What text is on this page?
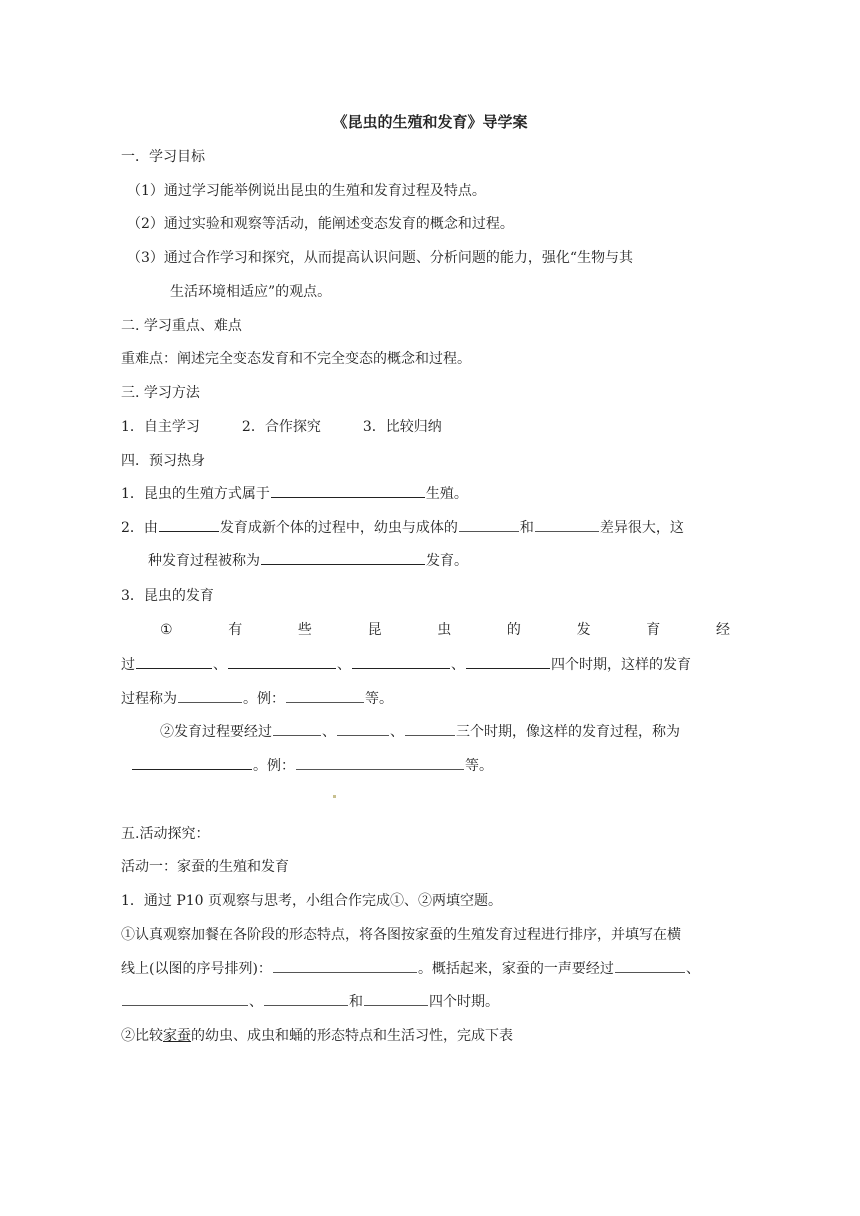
《昆虫的生殖和发育》导学案
一．学习目标
（1）通过学习能举例说出昆虫的生殖和发育过程及特点。
（2）通过实验和观察等活动，能阐述变态发育的概念和过程。
（3）通过合作学习和探究，从而提高认识问题、分析问题的能力，强化“生物与其
生活环境相适应”的观点。
二. 学习重点、难点
重难点：阐述完全变态发育和不完全变态的概念和过程。
三. 学习方法
1．自主学习　　　2．合作探究　　　3．比较归纳
四．预习热身
1．昆虫的生殖方式属于	生殖。
2．由	发育成新个体的过程中，幼虫与成体的	和	差异很大，这
种发育过程被称为	发育。
3．昆虫的发育
①	有	些	昆	虫	的	发	育	经
过	、	、	、	四个时期，这样的发育
过程称为	。例：	等。
②发育过程要经过	、	、	三个时期，像这样的发育过程，称为
。例：	等。
五.活动探究：
活动一：家蚕的生殖和发育
1．通过 P10 页观察与思考，小组合作完成①、②两填空题。
①认真观察加餐在各阶段的形态特点，将各图按家蚕的生殖发育过程进行排序，并填写在横
线上(以图的序号排列)：	。概括起来，家蚕的一声要经过	、
、	和	四个时期。
②比较家蚕的幼虫、成虫和蛹的形态特点和生活习性，完成下表
